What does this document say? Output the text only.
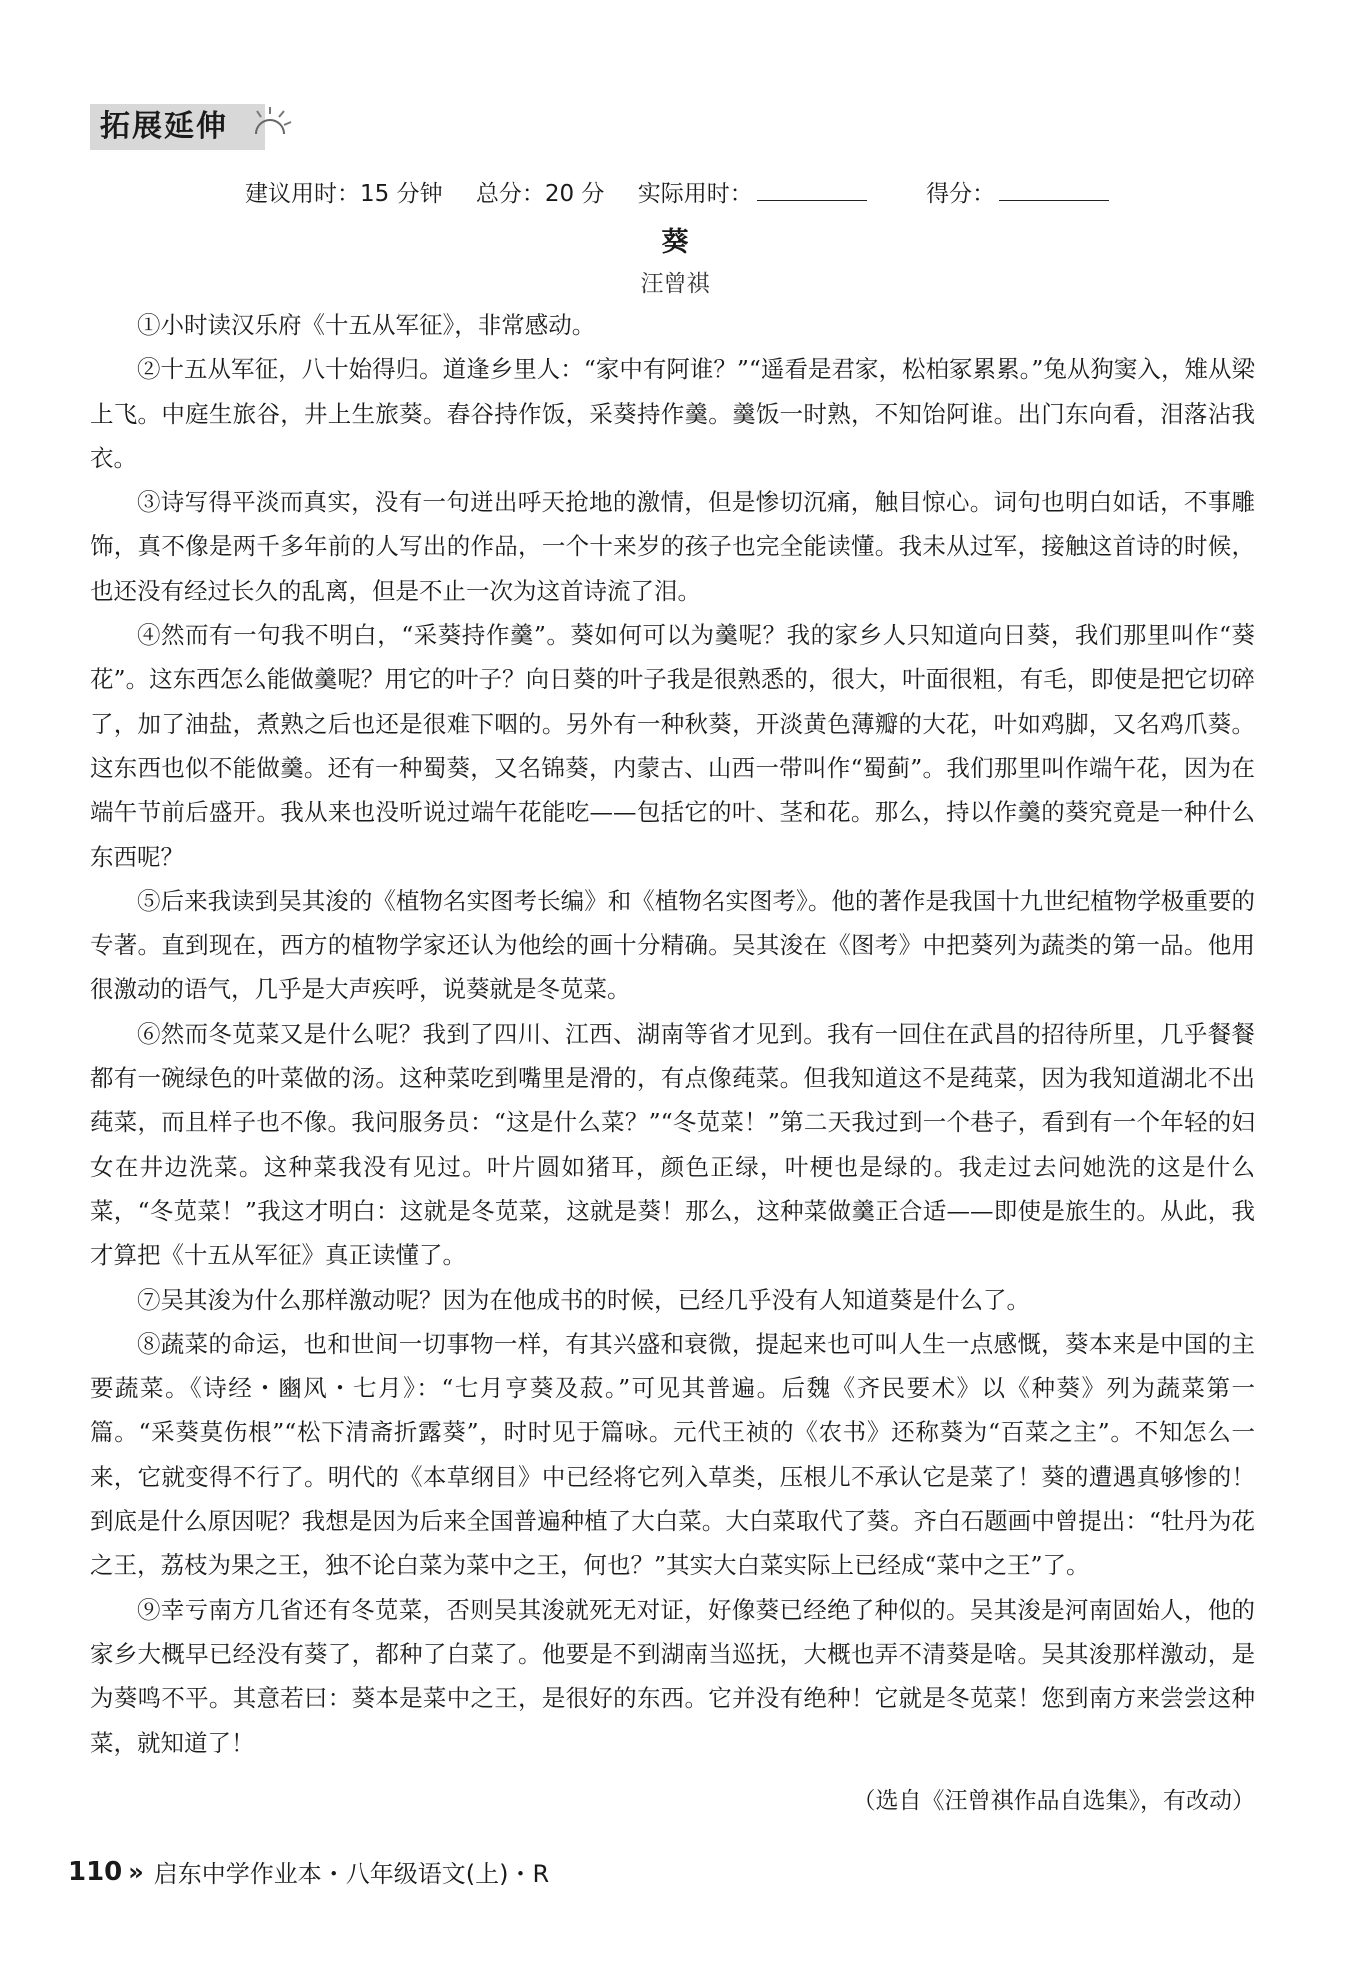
拓展延伸
建议用时：15 分钟 总分：20 分 实际用时：	得分：
葵
汪曾祺

①小时读汉乐府《十五从军征》，非常感动。

②十五从军征，八十始得归。道逢乡里人：“家中有阿谁？”“遥看是君家，松柏冢累累。”兔从狗窦入，雉从梁上飞。中庭生旅谷，井上生旅葵。舂谷持作饭，采葵持作羹。羹饭一时熟，不知饴阿谁。出门东向看，泪落沾我衣。

③诗写得平淡而真实，没有一句迸出呼天抢地的激情，但是惨切沉痛，触目惊心。词句也明白如话，不事雕饰，真不像是两千多年前的人写出的作品，一个十来岁的孩子也完全能读懂。我未从过军，接触这首诗的时候，也还没有经过长久的乱离，但是不止一次为这首诗流了泪。

④然而有一句我不明白，“采葵持作羹”。葵如何可以为羹呢？我的家乡人只知道向日葵，我们那里叫作“葵花”。这东西怎么能做羹呢？用它的叶子？向日葵的叶子我是很熟悉的，很大，叶面很粗，有毛，即使是把它切碎了，加了油盐，煮熟之后也还是很难下咽的。另外有一种秋葵，开淡黄色薄瓣的大花，叶如鸡脚，又名鸡爪葵。这东西也似不能做羹。还有一种蜀葵，又名锦葵，内蒙古、山西一带叫作“蜀蓟”。我们那里叫作端午花，因为在端午节前后盛开。我从来也没听说过端午花能吃——包括它的叶、茎和花。那么，持以作羹的葵究竟是一种什么东西呢？

⑤后来我读到吴其浚的《植物名实图考长编》和《植物名实图考》。他的著作是我国十九世纪植物学极重要的专著。直到现在，西方的植物学家还认为他绘的画十分精确。吴其浚在《图考》中把葵列为蔬类的第一品。他用很激动的语气，几乎是大声疾呼，说葵就是冬苋菜。

⑥然而冬苋菜又是什么呢？我到了四川、江西、湖南等省才见到。我有一回住在武昌的招待所里，几乎餐餐都有一碗绿色的叶菜做的汤。这种菜吃到嘴里是滑的，有点像莼菜。但我知道这不是莼菜，因为我知道湖北不出莼菜，而且样子也不像。我问服务员：“这是什么菜？”“冬苋菜！”第二天我过到一个巷子，看到有一个年轻的妇女在井边洗菜。这种菜我没有见过。叶片圆如猪耳，颜色正绿，叶梗也是绿的。我走过去问她洗的这是什么菜，“冬苋菜！”我这才明白：这就是冬苋菜，这就是葵！那么，这种菜做羹正合适——即使是旅生的。从此，我才算把《十五从军征》真正读懂了。

⑦吴其浚为什么那样激动呢？因为在他成书的时候，已经几乎没有人知道葵是什么了。

⑧蔬菜的命运，也和世间一切事物一样，有其兴盛和衰微，提起来也可叫人生一点感慨，葵本来是中国的主要蔬菜。《诗经・豳风・七月》：“七月亨葵及菽。”可见其普遍。后魏《齐民要术》以《种葵》列为蔬菜第一篇。“采葵莫伤根”“松下清斋折露葵”，时时见于篇咏。元代王祯的《农书》还称葵为“百菜之主”。不知怎么一来，它就变得不行了。明代的《本草纲目》中已经将它列入草类，压根儿不承认它是菜了！葵的遭遇真够惨的！到底是什么原因呢？我想是因为后来全国普遍种植了大白菜。大白菜取代了葵。齐白石题画中曾提出：“牡丹为花之王，荔枝为果之王，独不论白菜为菜中之王，何也？”其实大白菜实际上已经成“菜中之王”了。

⑨幸亏南方几省还有冬苋菜，否则吴其浚就死无对证，好像葵已经绝了种似的。吴其浚是河南固始人，他的家乡大概早已经没有葵了，都种了白菜了。他要是不到湖南当巡抚，大概也弄不清葵是啥。吴其浚那样激动，是为葵鸣不平。其意若曰：葵本是菜中之王，是很好的东西。它并没有绝种！它就是冬苋菜！您到南方来尝尝这种菜，就知道了！

（选自《汪曾祺作品自选集》，有改动）
110 » 启东中学作业本・八年级语文(上)・R
